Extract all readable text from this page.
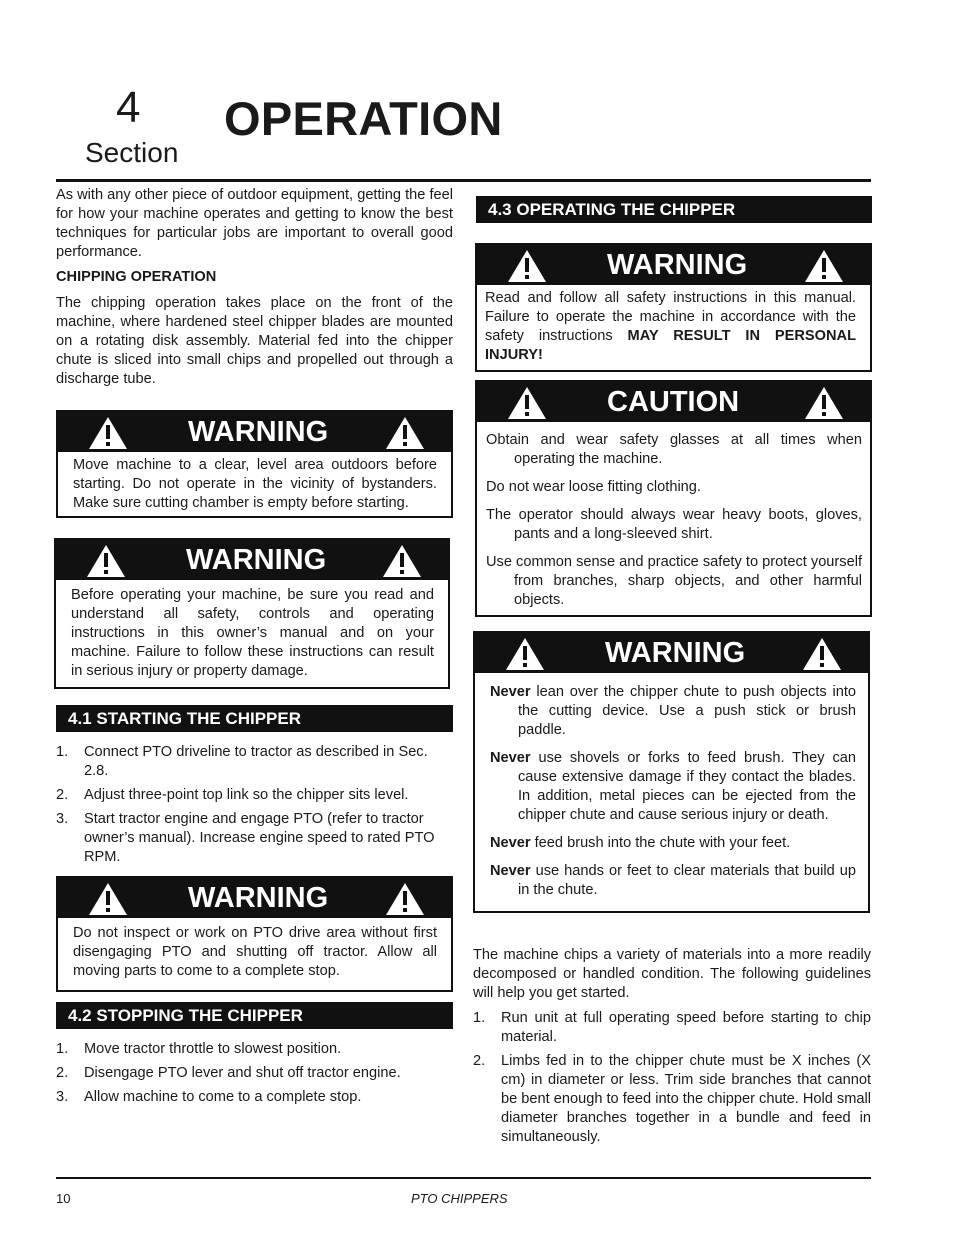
4
Section
OPERATION

As with any other piece of outdoor equipment, getting the feel for how your machine operates and getting to know the best techniques for particular jobs are important to overall good performance.

CHIPPING OPERATION

The chipping operation takes place on the front of the machine, where hardened steel chipper blades are mounted on a rotating disk assembly. Material fed into the chipper chute is sliced into small chips and propelled out through a discharge tube.

WARNING
Move machine to a clear, level area outdoors before starting. Do not operate in the vicinity of bystanders. Make sure cutting chamber is empty before starting.
WARNING
Before operating your machine, be sure you read and understand all safety, controls and operating instructions in this owner’s manual and on your machine. Failure to follow these instructions can result in serious injury or property damage.
4.1 STARTING THE CHIPPER
1. Connect PTO driveline to tractor as described in Sec. 2.8.
2. Adjust three-point top link so the chipper sits level.
3. Start tractor engine and engage PTO (refer to tractor owner’s manual). Increase engine speed to rated PTO RPM.
WARNING
Do not inspect or work on PTO drive area without first disengaging PTO and shutting off tractor. Allow all moving parts to come to a complete stop.
4.2 STOPPING THE CHIPPER
1. Move tractor throttle to slowest position.
2. Disengage PTO lever and shut off tractor engine.
3. Allow machine to come to a complete stop.
4.3 OPERATING THE CHIPPER
WARNING
Read and follow all safety instructions in this manual. Failure to operate the machine in accordance with the safety instructions MAY RESULT IN PERSONAL INJURY!
CAUTION

Obtain and wear safety glasses at all times when operating the machine.

Do not wear loose fitting clothing.

The operator should always wear heavy boots, gloves, pants and a long-sleeved shirt.

Use common sense and practice safety to protect yourself from branches, sharp objects, and other harmful objects.

WARNING

Never lean over the chipper chute to push objects into the cutting device. Use a push stick or brush paddle.

Never use shovels or forks to feed brush. They can cause extensive damage if they contact the blades. In addition, metal pieces can be ejected from the chipper chute and cause serious injury or death.

Never feed brush into the chute with your feet.

Never use hands or feet to clear materials that build up in the chute.

The machine chips a variety of materials into a more readily decomposed or handled condition. The following guidelines will help you get started.

1. Run unit at full operating speed before starting to chip material.
2. Limbs fed in to the chipper chute must be X inches (X cm) in diameter or less. Trim side branches that cannot be bent enough to feed into the chipper chute. Hold small diameter branches together in a bundle and feed in simultaneously.
10	PTO CHIPPERS
